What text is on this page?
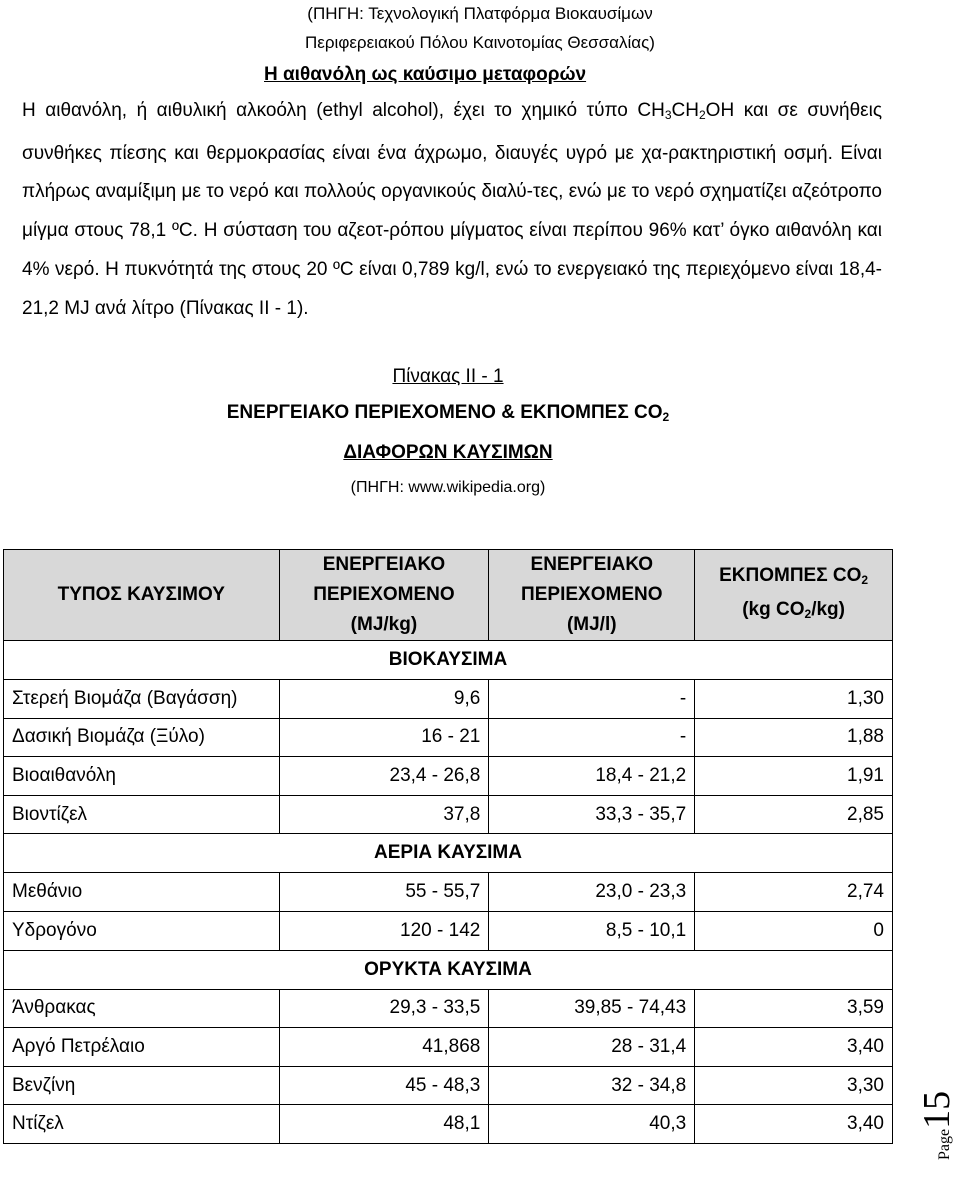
(ΠΗΓΗ: Τεχνολογική Πλατφόρμα Βιοκαυσίμων
Περιφερειακού Πόλου Καινοτομίας Θεσσαλίας)
Η αιθανόλη ως καύσιμο μεταφορών
Η αιθανόλη, ή αιθυλική αλκοόλη (ethyl alcohol), έχει το χημικό τύπο $CH_3CH_2OH$ και σε συνήθεις συνθήκες πίεσης και θερμοκρασίας είναι ένα άχρωμο, διαυγές υγρό με χα-ρακτηριστική οσμή. Είναι πλήρως αναμίξιμη με το νερό και πολλούς οργανικούς διαλύ-τες, ενώ με το νερό σχηματίζει αζεότροπο μίγμα στους 78,1 ºC. Η σύσταση του αζεοτ-ρόπου μίγματος είναι περίπου 96% κατ’ όγκο αιθανόλη και 4% νερό. Η πυκνότητά της στους 20 ºC είναι 0,789 kg/l, ενώ το ενεργειακό της περιεχόμενο είναι 18,4-21,2 MJ ανά λίτρο (Πίνακας ΙΙ - 1).
Πίνακας ΙΙ - 1
ΕΝΕΡΓΕΙΑΚΟ ΠΕΡΙΕΧΟΜΕΝΟ & ΕΚΠΟΜΠΕΣ $CO_2$
ΔΙΑΦΟΡΩΝ ΚΑΥΣΙΜΩΝ
(ΠΗΓΗ: www.wikipedia.org)
ΤΥΠΟΣ ΚΑΥΣΙΜΟΥ	ΕΝΕΡΓΕΙΑΚΟ ΠΕΡΙΕΧΟΜΕΝΟ (MJ/kg)	ΕΝΕΡΓΕΙΑΚΟ ΠΕΡΙΕΧΟΜΕΝΟ (MJ/l)	ΕΚΠΟΜΠΕΣ $CO_2$
(kg $CO_2/kg$)
ΒΙΟΚΑΥΣΙΜΑ			
Στερεή Βιομάζα (Βαγάσση)	9,6	-	1,30
Δασική Βιομάζα (Ξύλο)	16 - 21	-	1,88
Βιοαιθανόλη	23,4 - 26,8	18,4 - 21,2	1,91
Βιοντίζελ	37,8	33,3 - 35,7	2,85
ΑΕΡΙΑ ΚΑΥΣΙΜΑ			
Μεθάνιο	55 - 55,7	23,0 - 23,3	2,74
Υδρογόνο	120 - 142	8,5 - 10,1	0
ΟΡΥΚΤΑ ΚΑΥΣΙΜΑ			
Άνθρακας	29,3 - 33,5	39,85 - 74,43	3,59
Αργό Πετρέλαιο	41,868	28 - 31,4	3,40
Βενζίνη	45 - 48,3	32 - 34,8	3,30
Ντίζελ	48,1	40,3	3,40
Page15
